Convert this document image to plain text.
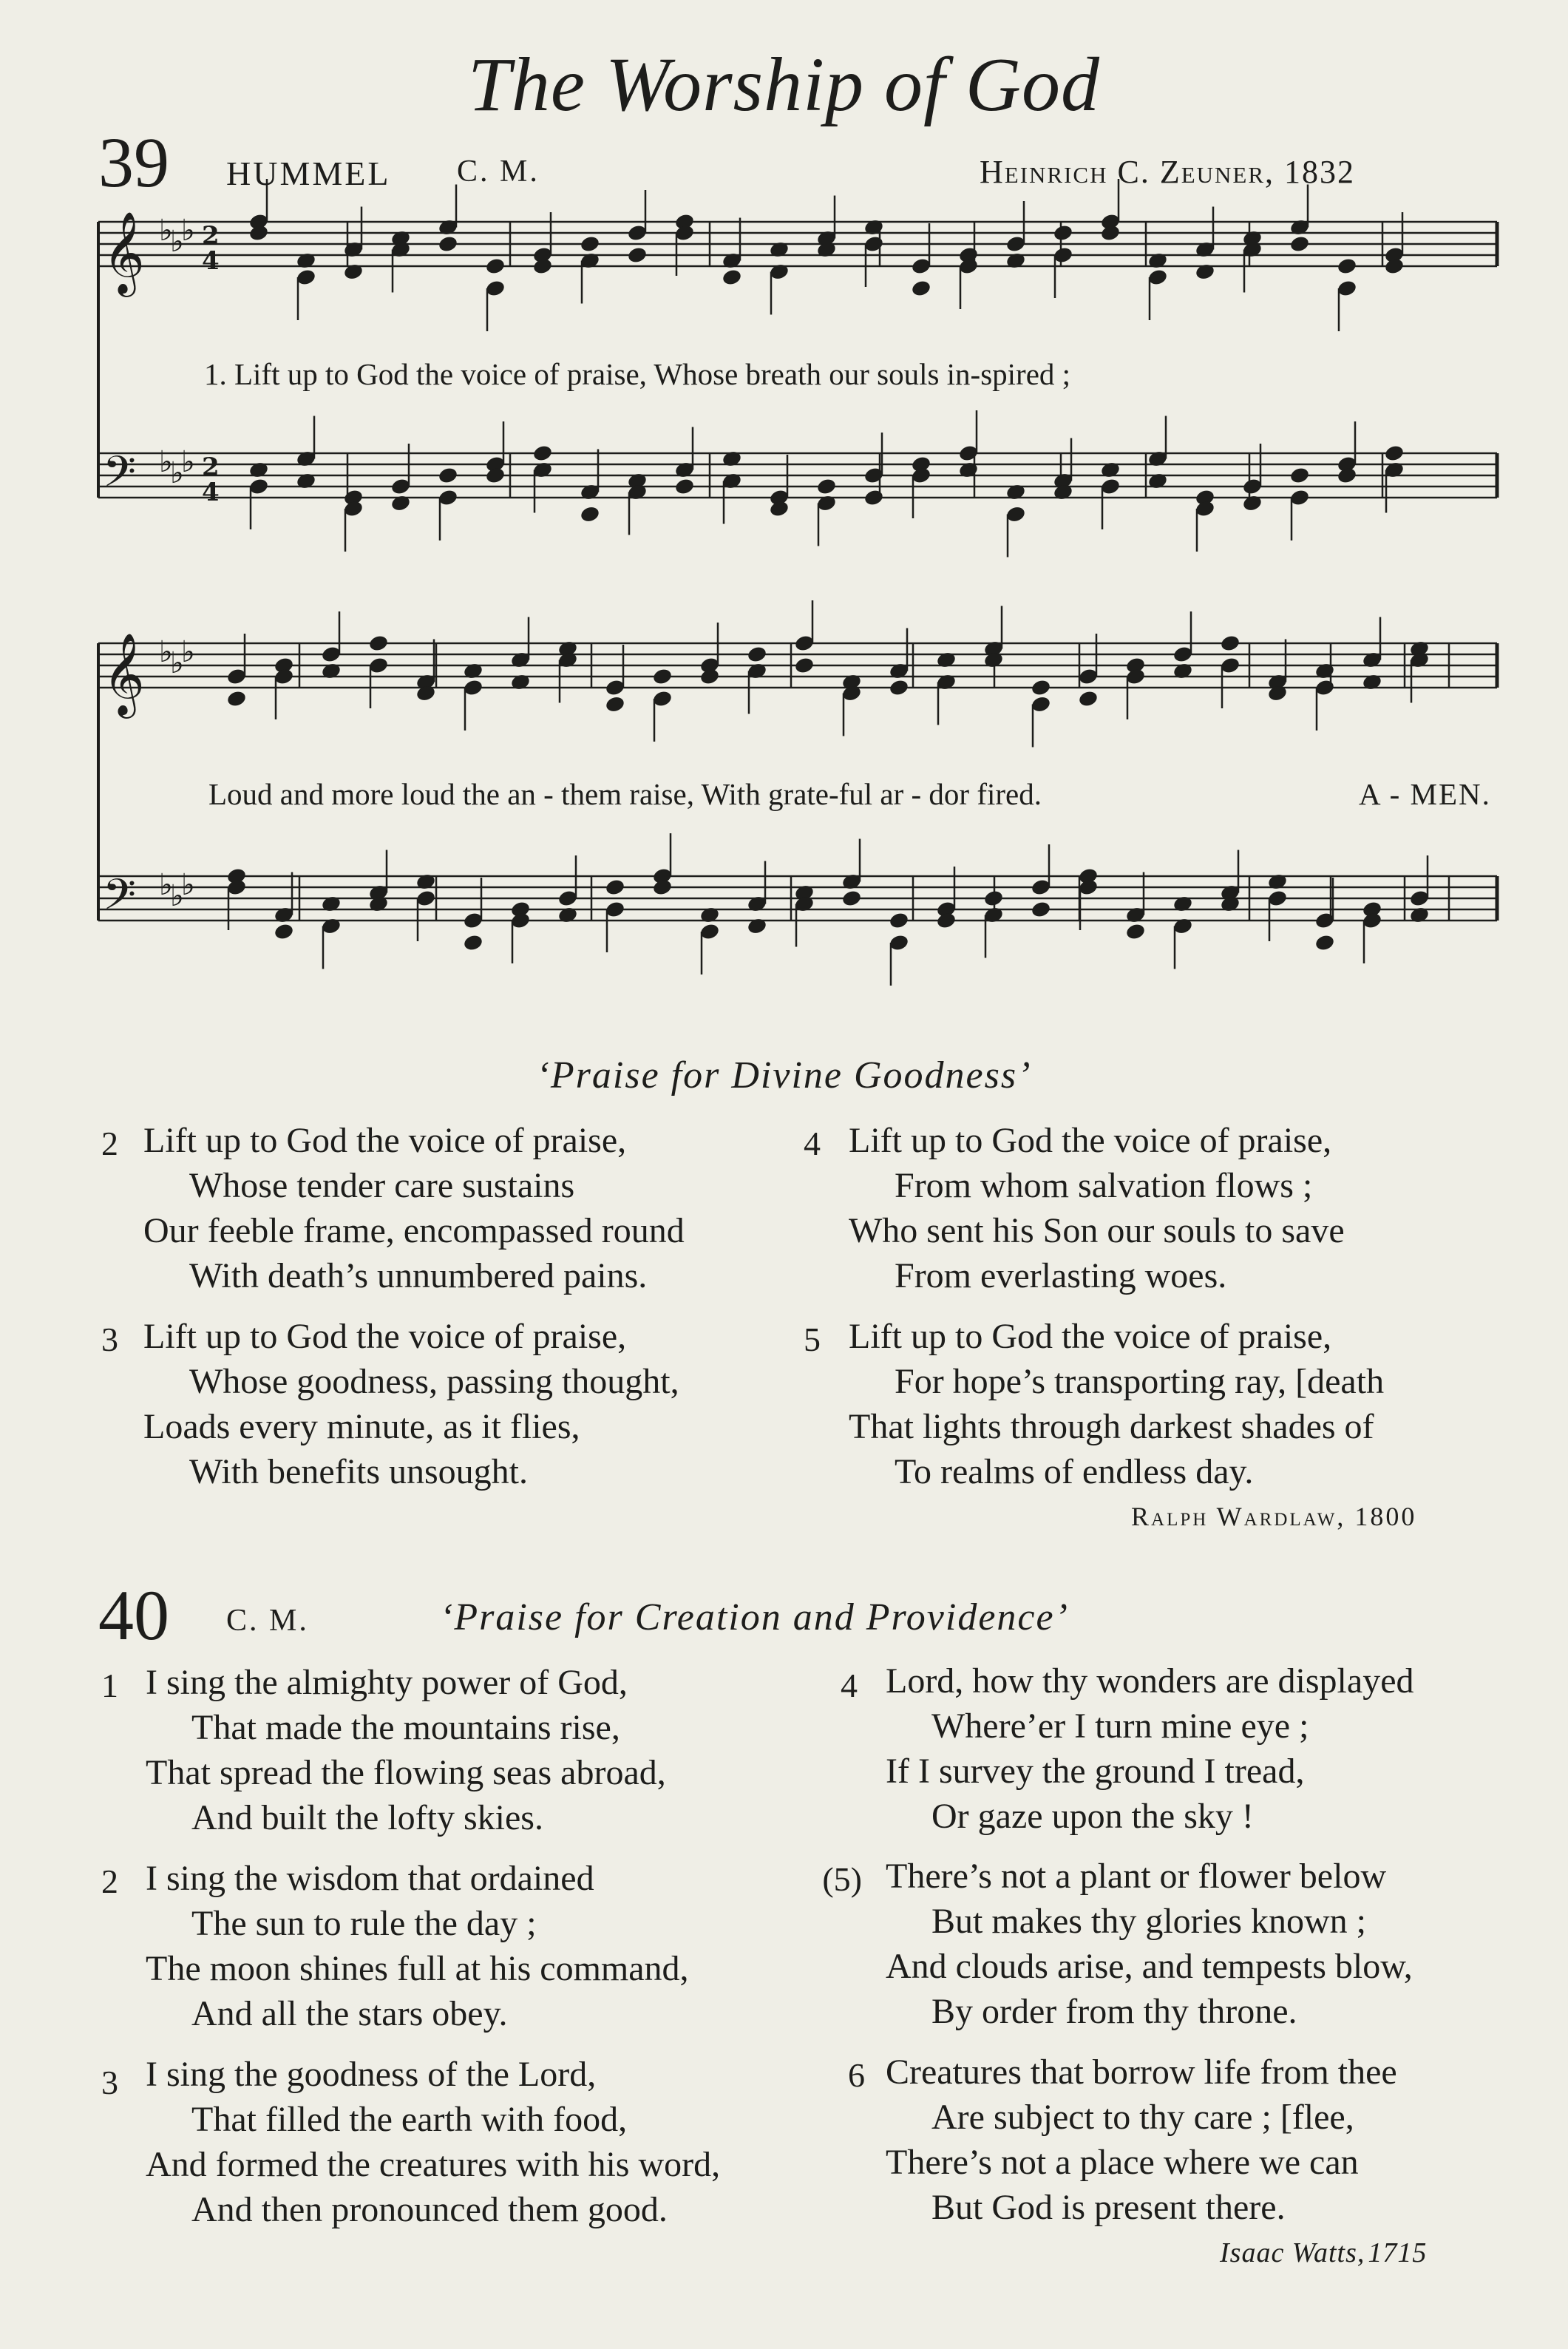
The Worship of God
39 HUMMEL C. M.	Heinrich C. Zeuner, 1832
𝄞 ♭
♭
♭ 2
4
𝄢 ♭
♭
♭ 2
4
𝄞 ♭
♭
♭
𝄢 ♭
♭
♭
1. Lift up to God the voice of praise, Whose breath our souls in-spired ;
Loud and more loud the an - them raise, With grate-ful ar - dor fired.	A - MEN.
‘Praise for Divine Goodness’
2 Lift up to God the voice of praise,
Whose tender care sustains
Our feeble frame, encompassed round
With death’s unnumbered pains.
3 Lift up to God the voice of praise,
Whose goodness, passing thought,
Loads every minute, as it flies,
With benefits unsought.
4 Lift up to God the voice of praise,
From whom salvation flows ;
Who sent his Son our souls to save
From everlasting woes.
5 Lift up to God the voice of praise,
For hope’s transporting ray, [death
That lights through darkest shades of
To realms of endless day.
Ralph Wardlaw, 1800
40 C. M.	‘Praise for Creation and Providence’
1 I sing the almighty power of God,
That made the mountains rise,
That spread the flowing seas abroad,
And built the lofty skies.
2 I sing the wisdom that ordained
The sun to rule the day ;
The moon shines full at his command,
And all the stars obey.
3 I sing the goodness of the Lord,
That filled the earth with food,
And formed the creatures with his word,
And then pronounced them good.
4 Lord, how thy wonders are displayed
Where’er I turn mine eye ;
If I survey the ground I tread,
Or gaze upon the sky !
(5) There’s not a plant or flower below
But makes thy glories known ;
And clouds arise, and tempests blow,
By order from thy throne.
6 Creatures that borrow life from thee
Are subject to thy care ; [flee,
There’s not a place where we can
But God is present there.
Isaac Watts, 1715
